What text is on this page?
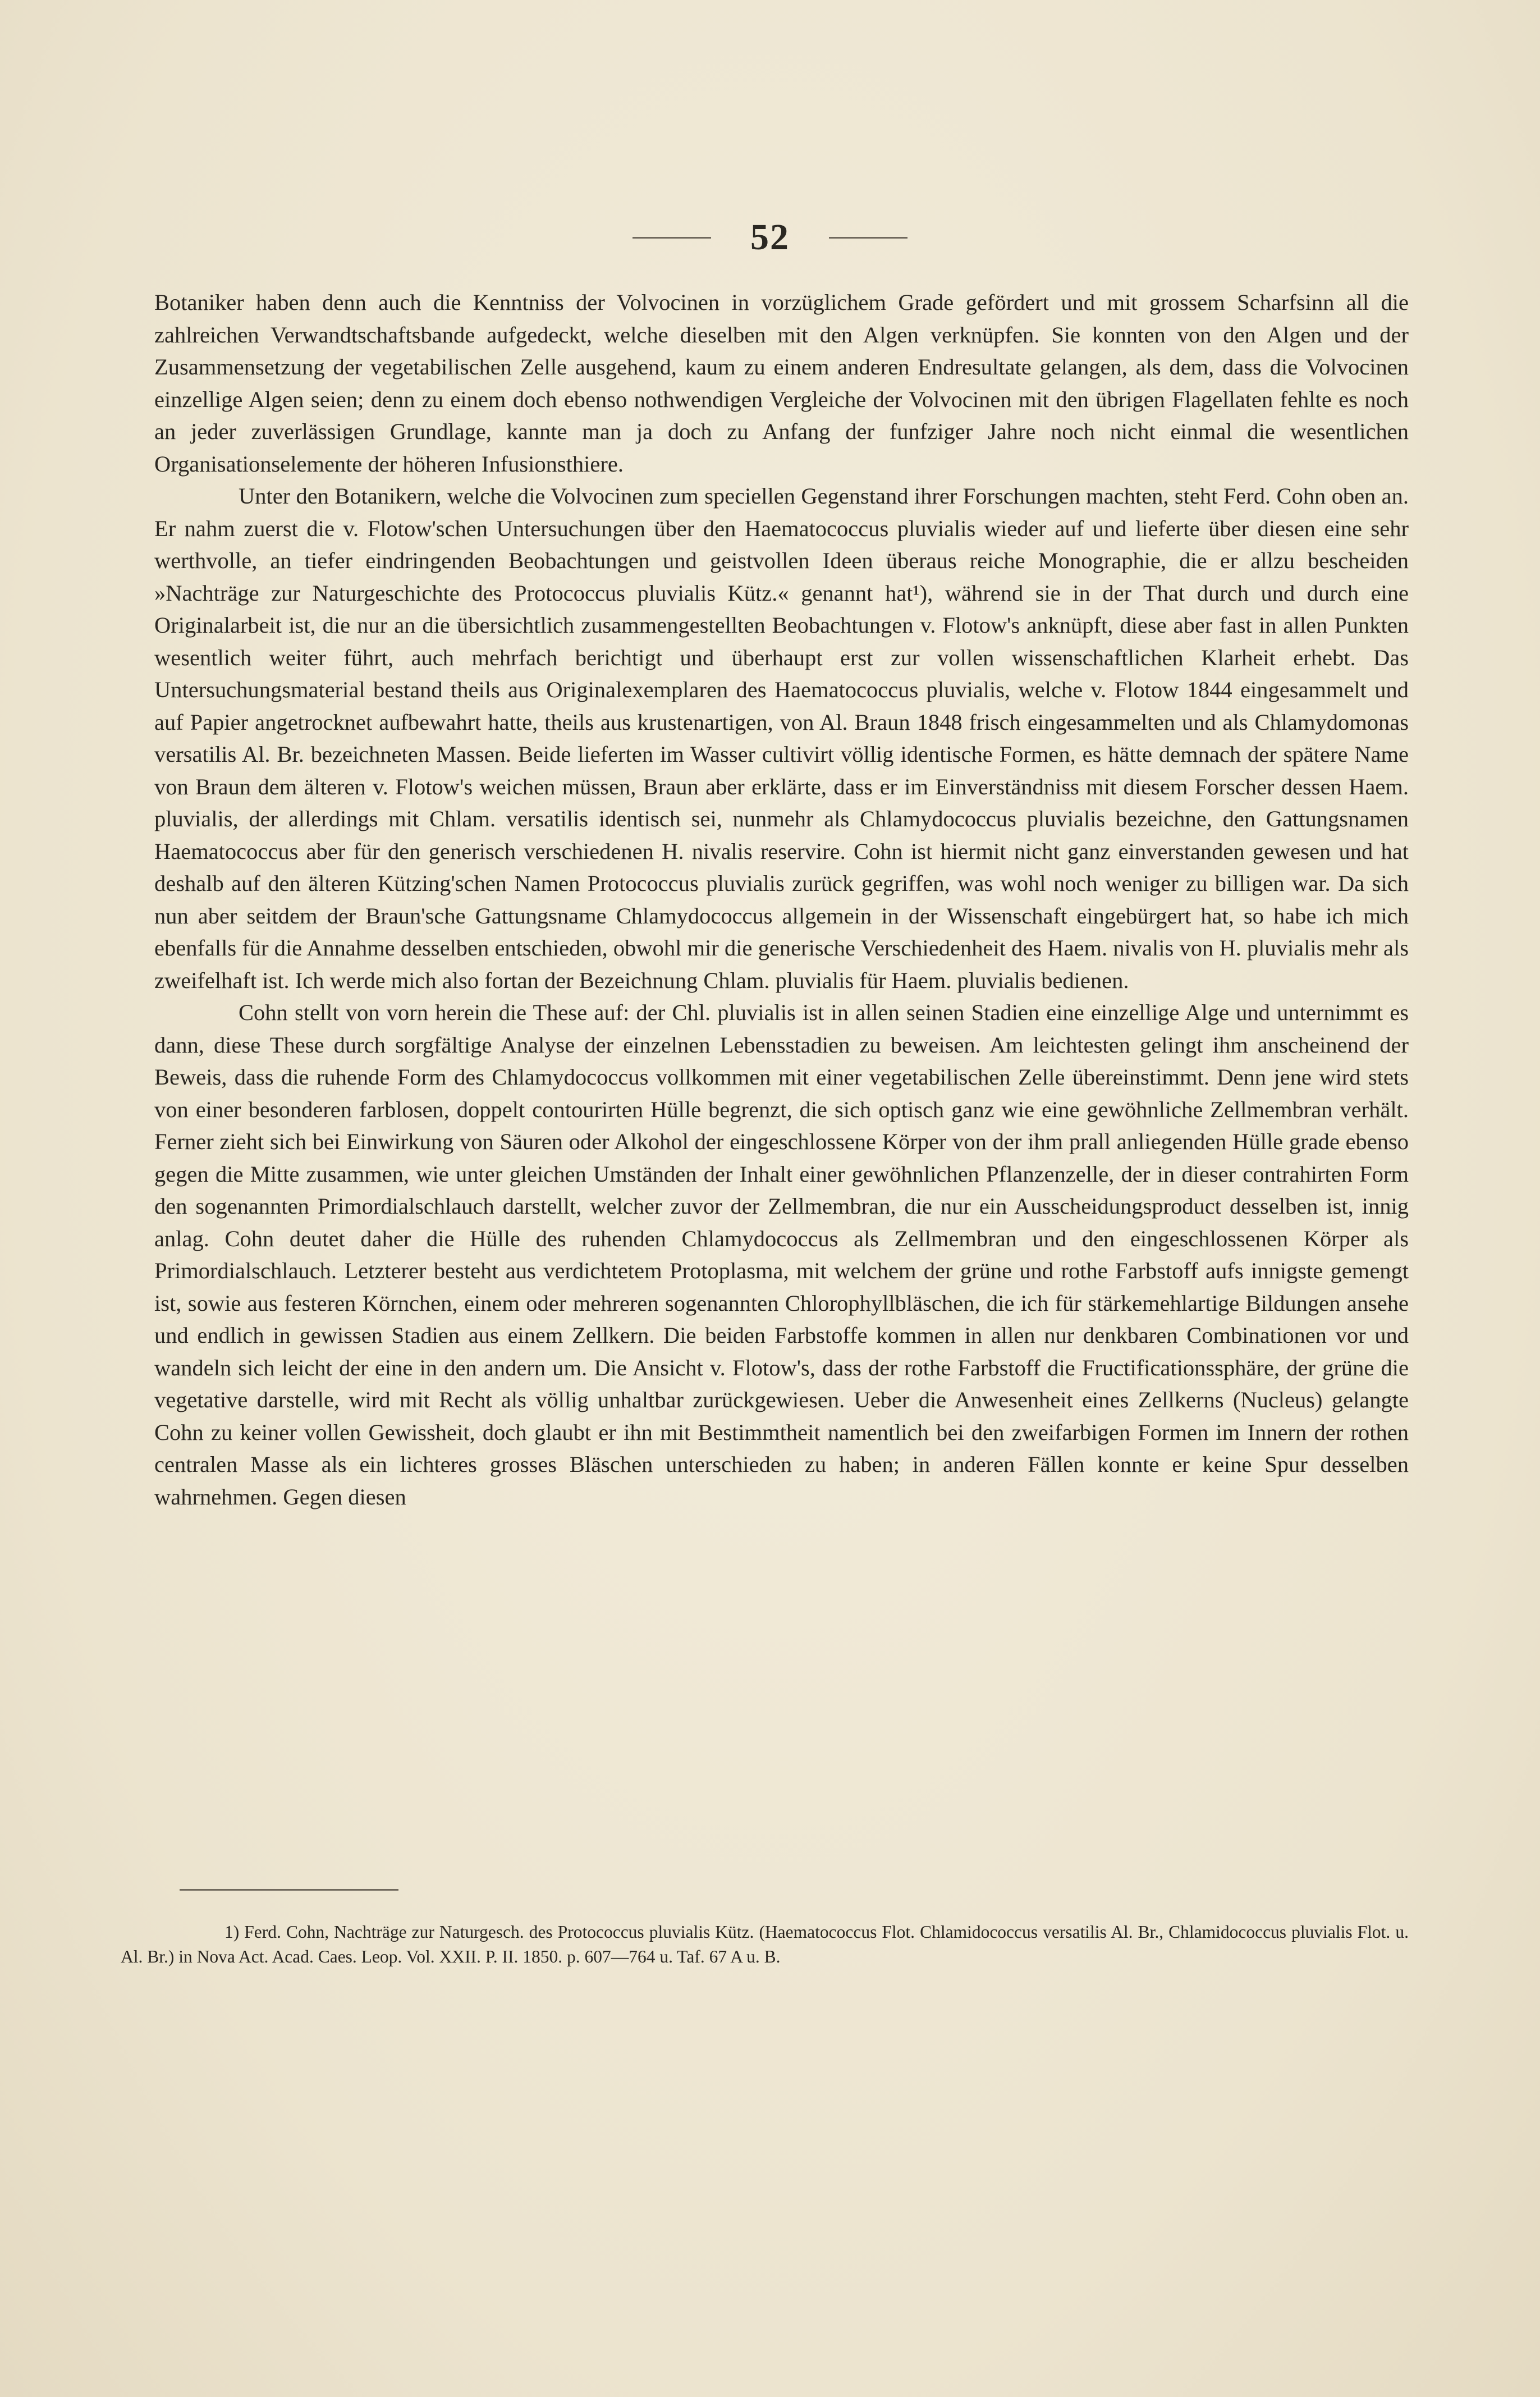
52

Botaniker haben denn auch die Kenntniss der Volvocinen in vorzüglichem Grade gefördert und mit grossem Scharfsinn all die zahlreichen Verwandtschaftsbande aufgedeckt, welche dieselben mit den Algen verknüpfen. Sie konnten von den Algen und der Zusammensetzung der vegetabilischen Zelle ausgehend, kaum zu einem anderen Endresultate gelangen, als dem, dass die Volvocinen einzellige Algen seien; denn zu einem doch ebenso nothwendigen Vergleiche der Volvocinen mit den übrigen Flagellaten fehlte es noch an jeder zuverlässigen Grundlage, kannte man ja doch zu Anfang der funfziger Jahre noch nicht einmal die wesentlichen Organisationselemente der höheren Infusionsthiere.

Unter den Botanikern, welche die Volvocinen zum speciellen Gegenstand ihrer Forschungen machten, steht Ferd. Cohn oben an. Er nahm zuerst die v. Flotow'schen Untersuchungen über den Haematococcus pluvialis wieder auf und lieferte über diesen eine sehr werthvolle, an tiefer eindringenden Beobachtungen und geistvollen Ideen überaus reiche Monographie, die er allzu bescheiden »Nachträge zur Naturgeschichte des Protococcus pluvialis Kütz.« genannt hat¹), während sie in der That durch und durch eine Originalarbeit ist, die nur an die übersichtlich zusammengestellten Beobachtungen v. Flotow's anknüpft, diese aber fast in allen Punkten wesentlich weiter führt, auch mehrfach berichtigt und überhaupt erst zur vollen wissenschaftlichen Klarheit erhebt. Das Untersuchungsmaterial bestand theils aus Originalexemplaren des Haematococcus pluvialis, welche v. Flotow 1844 eingesammelt und auf Papier angetrocknet aufbewahrt hatte, theils aus krustenartigen, von Al. Braun 1848 frisch eingesammelten und als Chlamydomonas versatilis Al. Br. bezeichneten Massen. Beide lieferten im Wasser cultivirt völlig identische Formen, es hätte demnach der spätere Name von Braun dem älteren v. Flotow's weichen müssen, Braun aber erklärte, dass er im Einverständniss mit diesem Forscher dessen Haem. pluvialis, der allerdings mit Chlam. versatilis identisch sei, nunmehr als Chlamydococcus pluvialis bezeichne, den Gattungsnamen Haematococcus aber für den generisch verschiedenen H. nivalis reservire. Cohn ist hiermit nicht ganz einverstanden gewesen und hat deshalb auf den älteren Kützing'schen Namen Protococcus pluvialis zurück gegriffen, was wohl noch weniger zu billigen war. Da sich nun aber seitdem der Braun'sche Gattungsname Chlamydococcus allgemein in der Wissenschaft eingebürgert hat, so habe ich mich ebenfalls für die Annahme desselben entschieden, obwohl mir die generische Verschiedenheit des Haem. nivalis von H. pluvialis mehr als zweifelhaft ist. Ich werde mich also fortan der Bezeichnung Chlam. pluvialis für Haem. pluvialis bedienen.

Cohn stellt von vorn herein die These auf: der Chl. pluvialis ist in allen seinen Stadien eine einzellige Alge und unternimmt es dann, diese These durch sorgfältige Analyse der einzelnen Lebensstadien zu beweisen. Am leichtesten gelingt ihm anscheinend der Beweis, dass die ruhende Form des Chlamydococcus vollkommen mit einer vegetabilischen Zelle übereinstimmt. Denn jene wird stets von einer besonderen farblosen, doppelt contourirten Hülle begrenzt, die sich optisch ganz wie eine gewöhnliche Zellmembran verhält. Ferner zieht sich bei Einwirkung von Säuren oder Alkohol der eingeschlossene Körper von der ihm prall anliegenden Hülle grade ebenso gegen die Mitte zusammen, wie unter gleichen Umständen der Inhalt einer gewöhnlichen Pflanzenzelle, der in dieser contrahirten Form den sogenannten Primordialschlauch darstellt, welcher zuvor der Zellmembran, die nur ein Ausscheidungsproduct desselben ist, innig anlag. Cohn deutet daher die Hülle des ruhenden Chlamydococcus als Zellmembran und den eingeschlossenen Körper als Primordialschlauch. Letzterer besteht aus verdichtetem Protoplasma, mit welchem der grüne und rothe Farbstoff aufs innigste gemengt ist, sowie aus festeren Körnchen, einem oder mehreren sogenannten Chlorophyllbläschen, die ich für stärkemehlartige Bildungen ansehe und endlich in gewissen Stadien aus einem Zellkern. Die beiden Farbstoffe kommen in allen nur denkbaren Combinationen vor und wandeln sich leicht der eine in den andern um. Die Ansicht v. Flotow's, dass der rothe Farbstoff die Fructificationssphäre, der grüne die vegetative darstelle, wird mit Recht als völlig unhaltbar zurückgewiesen. Ueber die Anwesenheit eines Zellkerns (Nucleus) gelangte Cohn zu keiner vollen Gewissheit, doch glaubt er ihn mit Bestimmtheit namentlich bei den zweifarbigen Formen im Innern der rothen centralen Masse als ein lichteres grosses Bläschen unterschieden zu haben; in anderen Fällen konnte er keine Spur desselben wahrnehmen. Gegen diesen

1) Ferd. Cohn, Nachträge zur Naturgesch. des Protococcus pluvialis Kütz. (Haematococcus Flot. Chlamidococcus versatilis Al. Br., Chlamidococcus pluvialis Flot. u. Al. Br.) in Nova Act. Acad. Caes. Leop. Vol. XXII. P. II. 1850. p. 607—764 u. Taf. 67 A u. B.
